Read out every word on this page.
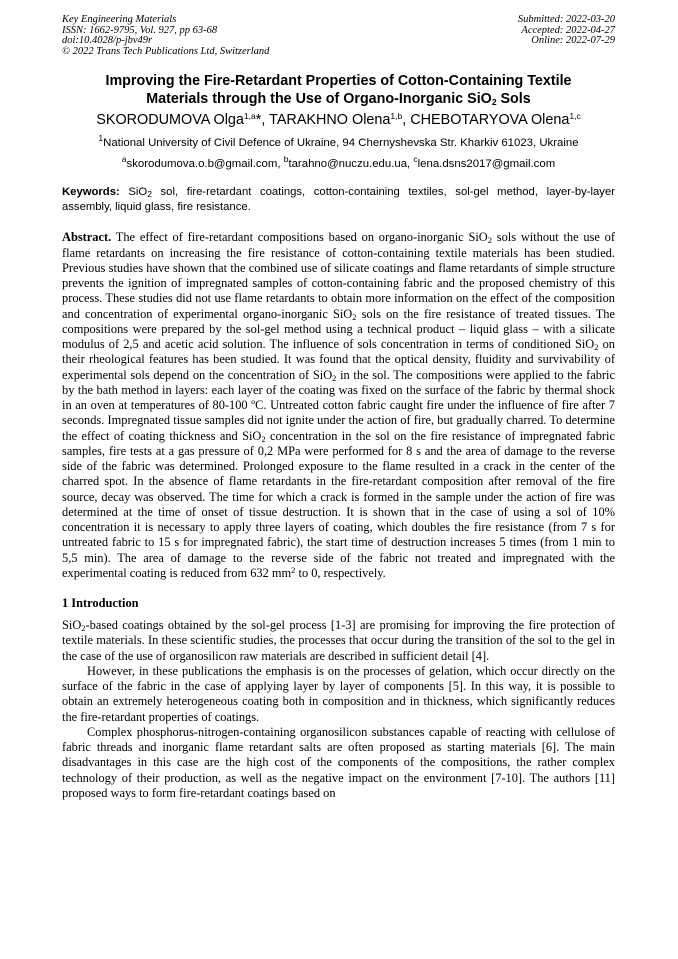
Key Engineering Materials
ISSN: 1662-9795, Vol. 927, pp 63-68
doi:10.4028/p-jbv49r
© 2022 Trans Tech Publications Ltd, Switzerland
Submitted: 2022-03-20
Accepted: 2022-04-27
Online: 2022-07-29
Improving the Fire-Retardant Properties of Cotton-Containing Textile
Materials through the Use of Organo-Inorganic SiO$_2$ Sols
SKORODUMOVA Olga$^{1,a}$*, TARAKHNO Olena$^{1,b}$, CHEBOTARYOVA Olena$^{1,c}$
$^1$National University of Civil Defence of Ukraine, 94 Chernyshevska Str. Kharkiv 61023, Ukraine
$^a$skorodumova.o.b@gmail.com, $^b$tarahno@nuczu.edu.ua, $^c$lena.dsns2017@gmail.com
Keywords: SiO$_2$ sol, fire-retardant coatings, cotton-containing textiles, sol-gel method, layer-by-layer assembly, liquid glass, fire resistance.
Abstract. The effect of fire-retardant compositions based on organo-inorganic SiO$_2$ sols without the use of flame retardants on increasing the fire resistance of cotton-containing textile materials has been studied. Previous studies have shown that the combined use of silicate coatings and flame retardants of simple structure prevents the ignition of impregnated samples of cotton-containing fabric and the proposed chemistry of this process. These studies did not use flame retardants to obtain more information on the effect of the composition and concentration of experimental organo-inorganic SiO$_2$ sols on the fire resistance of treated tissues. The compositions were prepared by the sol-gel method using a technical product – liquid glass – with a silicate modulus of 2,5 and acetic acid solution. The influence of sols concentration in terms of conditioned SiO$_2$ on their rheological features has been studied. It was found that the optical density, fluidity and survivability of experimental sols depend on the concentration of SiO$_2$ in the sol. The compositions were applied to the fabric by the bath method in layers: each layer of the coating was fixed on the surface of the fabric by thermal shock in an oven at temperatures of 80-100 ºC. Untreated cotton fabric caught fire under the influence of fire after 7 seconds. Impregnated tissue samples did not ignite under the action of fire, but gradually charred. To determine the effect of coating thickness and SiO$_2$ concentration in the sol on the fire resistance of impregnated fabric samples, fire tests at a gas pressure of 0,2 MPa were performed for 8 s and the area of damage to the reverse side of the fabric was determined. Prolonged exposure to the flame resulted in a crack in the center of the charred spot. In the absence of flame retardants in the fire-retardant composition after removal of the fire source, decay was observed. The time for which a crack is formed in the sample under the action of fire was determined at the time of onset of tissue destruction. It is shown that in the case of using a sol of 10% concentration it is necessary to apply three layers of coating, which doubles the fire resistance (from 7 s for untreated fabric to 15 s for impregnated fabric), the start time of destruction increases 5 times (from 1 min to 5,5 min). The area of damage to the reverse side of the fabric not treated and impregnated with the experimental coating is reduced from 632 $mm^2$ to 0, respectively.
1 Introduction

SiO$_2$-based coatings obtained by the sol-gel process [1-3] are promising for improving the fire protection of textile materials. In these scientific studies, the processes that occur during the transition of the sol to the gel in the case of the use of organosilicon raw materials are described in sufficient detail [4].

However, in these publications the emphasis is on the processes of gelation, which occur directly on the surface of the fabric in the case of applying layer by layer of components [5]. In this way, it is possible to obtain an extremely heterogeneous coating both in composition and in thickness, which significantly reduces the fire-retardant properties of coatings.

Complex phosphorus-nitrogen-containing organosilicon substances capable of reacting with cellulose of fabric threads and inorganic flame retardant salts are often proposed as starting materials [6]. The main disadvantages in this case are the high cost of the components of the compositions, the rather complex technology of their production, as well as the negative impact on the environment [7-10]. The authors [11] proposed ways to form fire-retardant coatings based on
